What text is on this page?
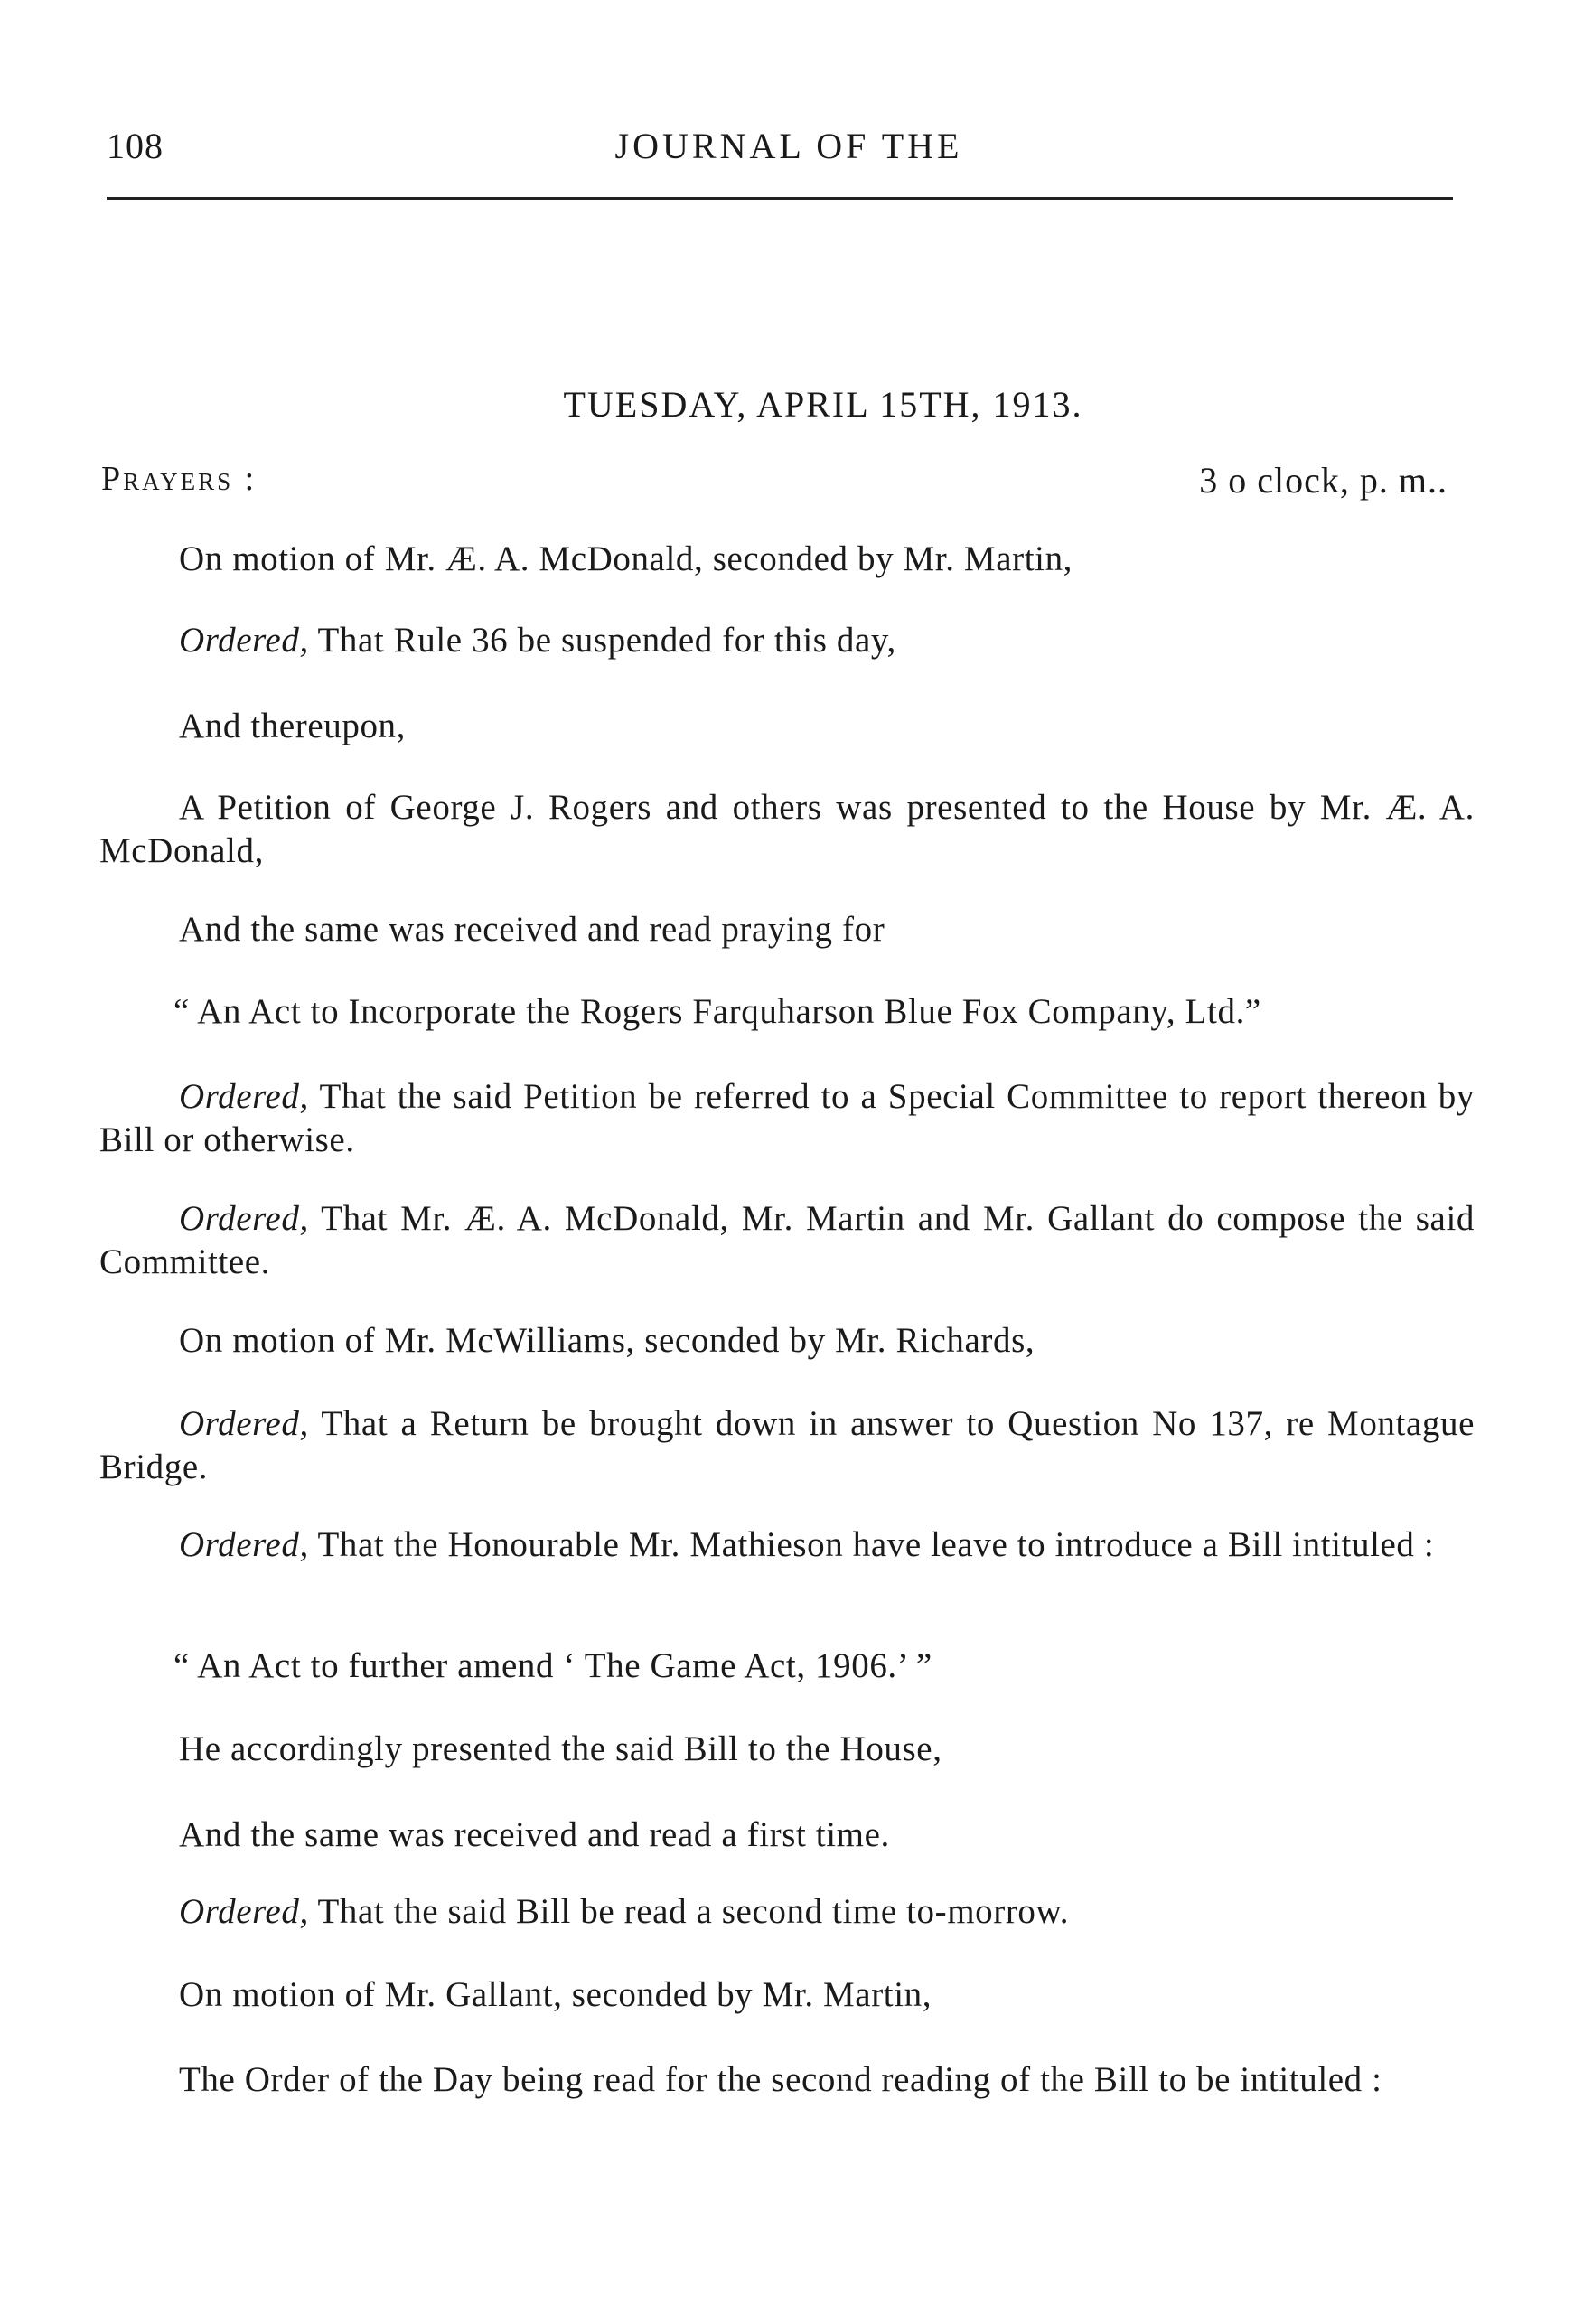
108	JOURNAL OF THE
TUESDAY, APRIL 15TH, 1913.
Prayers :	3 o clock, p. m..

On motion of Mr. Æ. A. McDonald, seconded by Mr. Martin,

Ordered, That Rule 36 be suspended for this day,

And thereupon,

A Petition of George J. Rogers and others was presented to the House by Mr. Æ. A. McDonald,

And the same was received and read praying for

“ An Act to Incorporate the Rogers Farquharson Blue Fox Company, Ltd.”

Ordered, That the said Petition be referred to a Special Committee to report thereon by Bill or otherwise.

Ordered, That Mr. Æ. A. McDonald, Mr. Martin and Mr. Gallant do compose the said Committee.

On motion of Mr. McWilliams, seconded by Mr. Richards,

Ordered, That a Return be brought down in answer to Question No 137, re Montague Bridge.

Ordered, That the Honourable Mr. Mathieson have leave to introduce a Bill intituled :

“ An Act to further amend ‘ The Game Act, 1906.’ ”

He accordingly presented the said Bill to the House,

And the same was received and read a first time.

Ordered, That the said Bill be read a second time to-morrow.

On motion of Mr. Gallant, seconded by Mr. Martin,

The Order of the Day being read for the second reading of the Bill to be intituled :
